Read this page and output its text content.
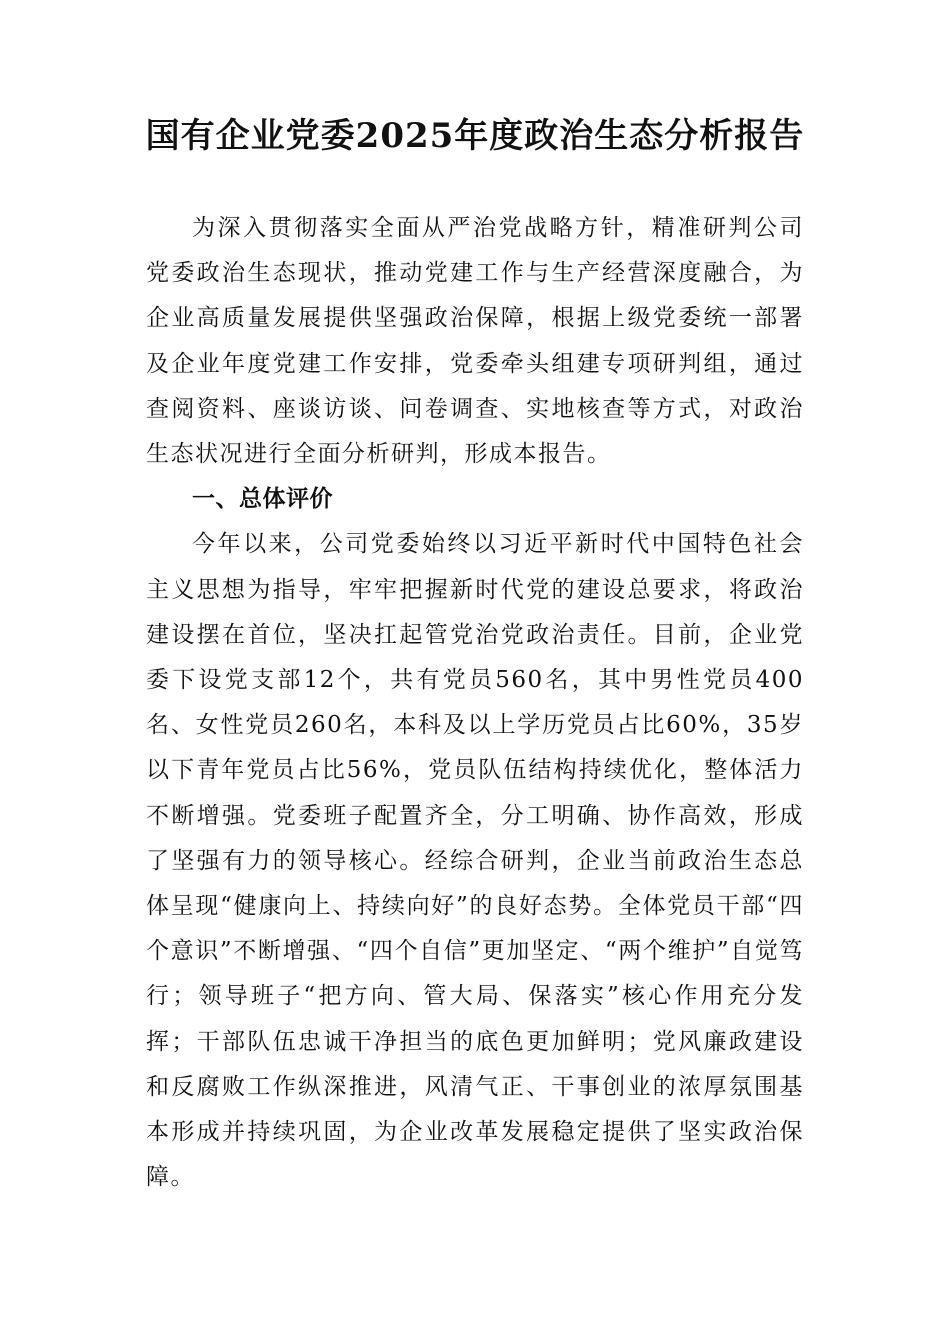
国有企业党委2025年度政治生态分析报告

为深入贯彻落实全面从严治党战略方针，精准研判公司党委政治生态现状，推动党建工作与生产经营深度融合，为企业高质量发展提供坚强政治保障，根据上级党委统一部署及企业年度党建工作安排，党委牵头组建专项研判组，通过查阅资料、座谈访谈、问卷调查、实地核查等方式，对政治生态状况进行全面分析研判，形成本报告。

一、总体评价

今年以来，公司党委始终以习近平新时代中国特色社会主义思想为指导，牢牢把握新时代党的建设总要求，将政治建设摆在首位，坚决扛起管党治党政治责任。目前，企业党委下设党支部12个，共有党员560名，其中男性党员400名、女性党员260名，本科及以上学历党员占比60%，35岁以下青年党员占比56%，党员队伍结构持续优化，整体活力不断增强。党委班子配置齐全，分工明确、协作高效，形成了坚强有力的领导核心。经综合研判，企业当前政治生态总体呈现“健康向上、持续向好”的良好态势。全体党员干部“四个意识”不断增强、“四个自信”更加坚定、“两个维护”自觉笃行；领导班子“把方向、管大局、保落实”核心作用充分发挥；干部队伍忠诚干净担当的底色更加鲜明；党风廉政建设和反腐败工作纵深推进，风清气正、干事创业的浓厚氛围基本形成并持续巩固，为企业改革发展稳定提供了坚实政治保障。
